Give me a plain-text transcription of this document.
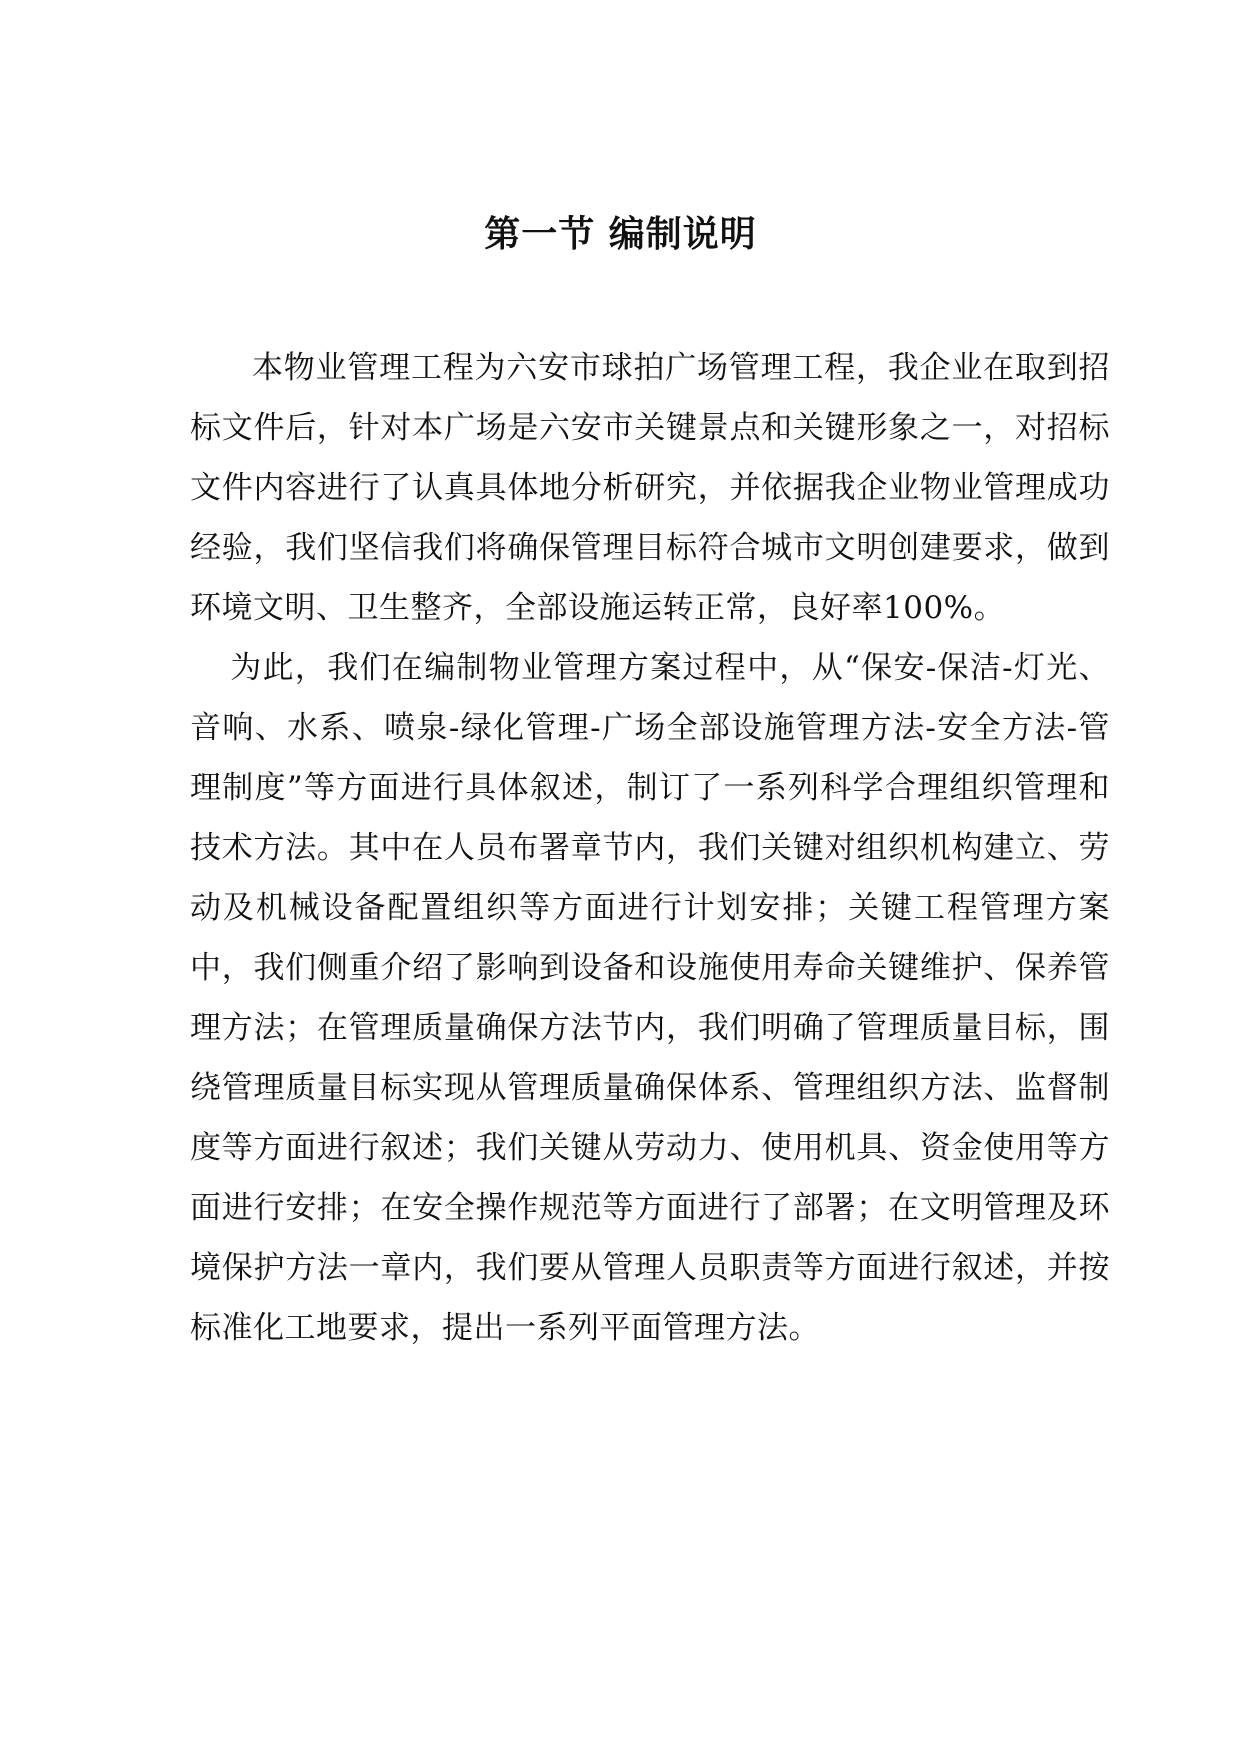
第一节 编制说明

本物业管理工程为六安市球拍广场管理工程，我企业在取到招标文件后，针对本广场是六安市关键景点和关键形象之一，对招标文件内容进行了认真具体地分析研究，并依据我企业物业管理成功经验，我们坚信我们将确保管理目标符合城市文明创建要求，做到环境文明、卫生整齐，全部设施运转正常，良好率100%。

为此，我们在编制物业管理方案过程中，从“保安-保洁-灯光、音响、水系、喷泉-绿化管理-广场全部设施管理方法-安全方法-管理制度”等方面进行具体叙述，制订了一系列科学合理组织管理和技术方法。其中在人员布署章节内，我们关键对组织机构建立、劳动及机械设备配置组织等方面进行计划安排；关键工程管理方案中，我们侧重介绍了影响到设备和设施使用寿命关键维护、保养管理方法；在管理质量确保方法节内，我们明确了管理质量目标，围绕管理质量目标实现从管理质量确保体系、管理组织方法、监督制度等方面进行叙述；我们关键从劳动力、使用机具、资金使用等方面进行安排；在安全操作规范等方面进行了部署；在文明管理及环境保护方法一章内，我们要从管理人员职责等方面进行叙述，并按标准化工地要求，提出一系列平面管理方法。
